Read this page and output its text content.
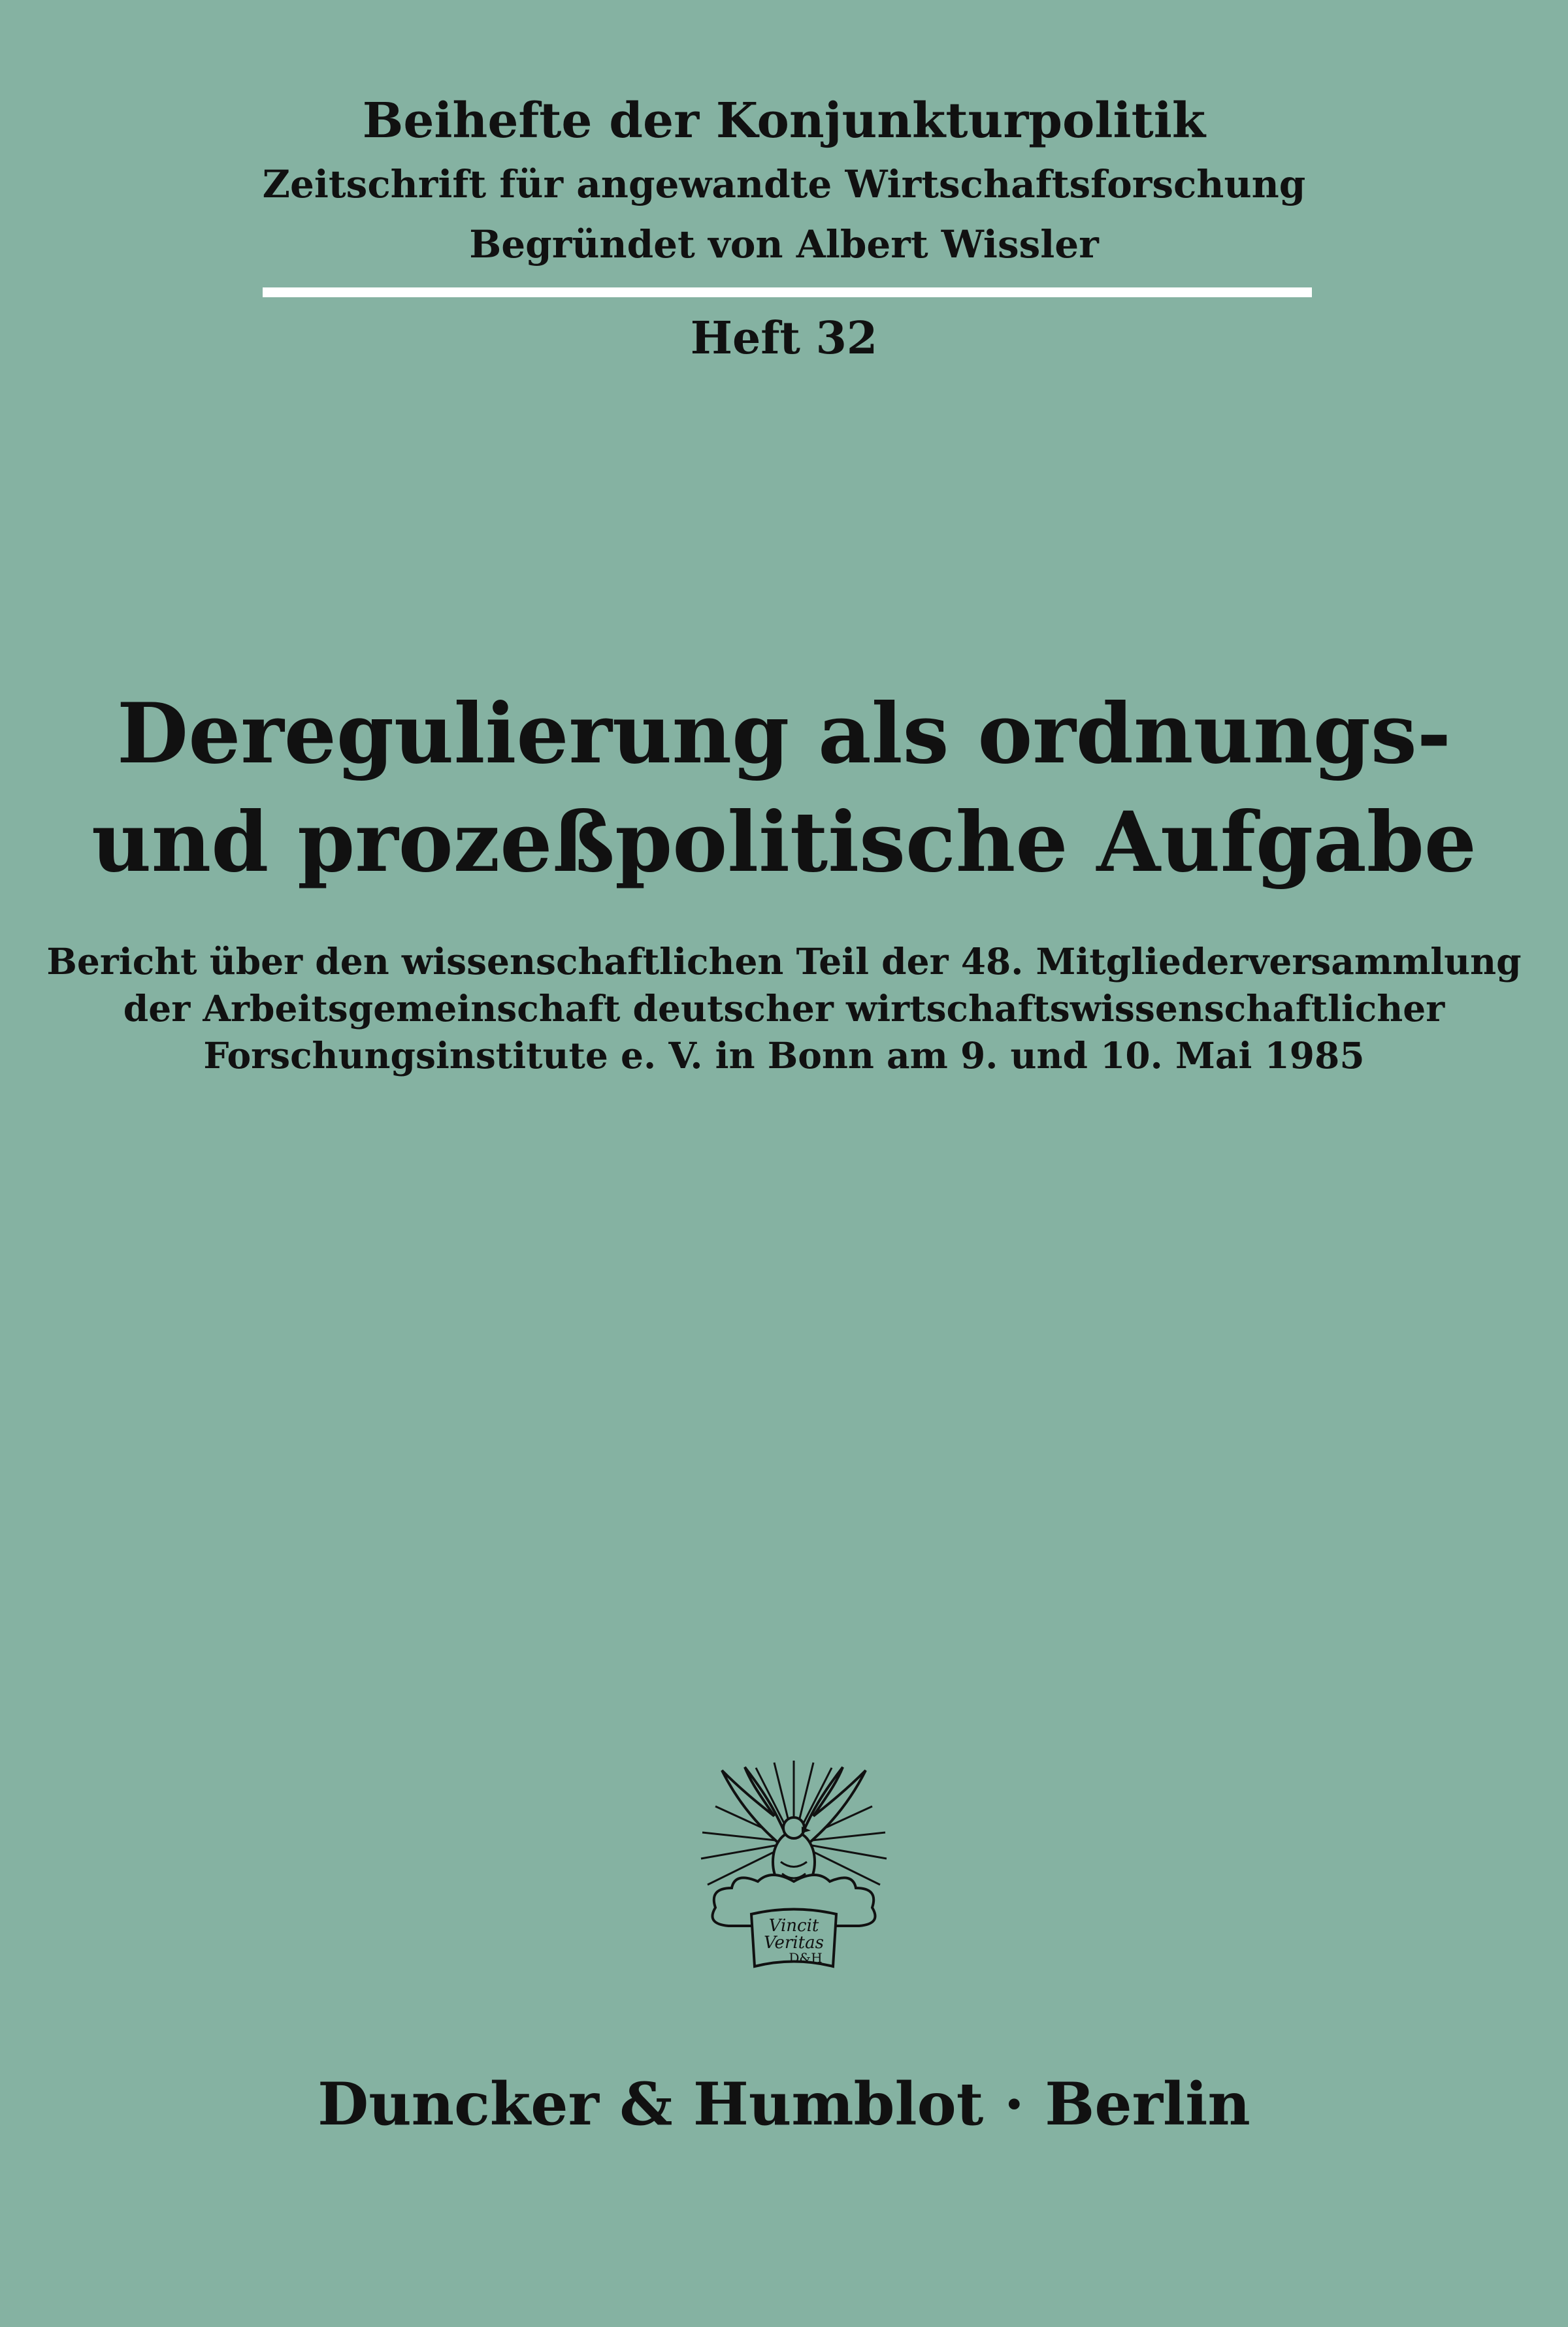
Beihefte der Konjunkturpolitik
Zeitschrift für angewandte Wirtschaftsforschung
Begründet von Albert Wissler
Heft 32
Deregulierung als ordnungs-
und prozeßpolitische Aufgabe
Bericht über den wissenschaftlichen Teil der 48. Mitgliederversammlung
der Arbeitsgemeinschaft deutscher wirtschaftswissenschaftlicher
Forschungsinstitute e. V. in Bonn am 9. und 10. Mai 1985
Vincit
Veritas
D&H
Duncker & Humblot · Berlin
